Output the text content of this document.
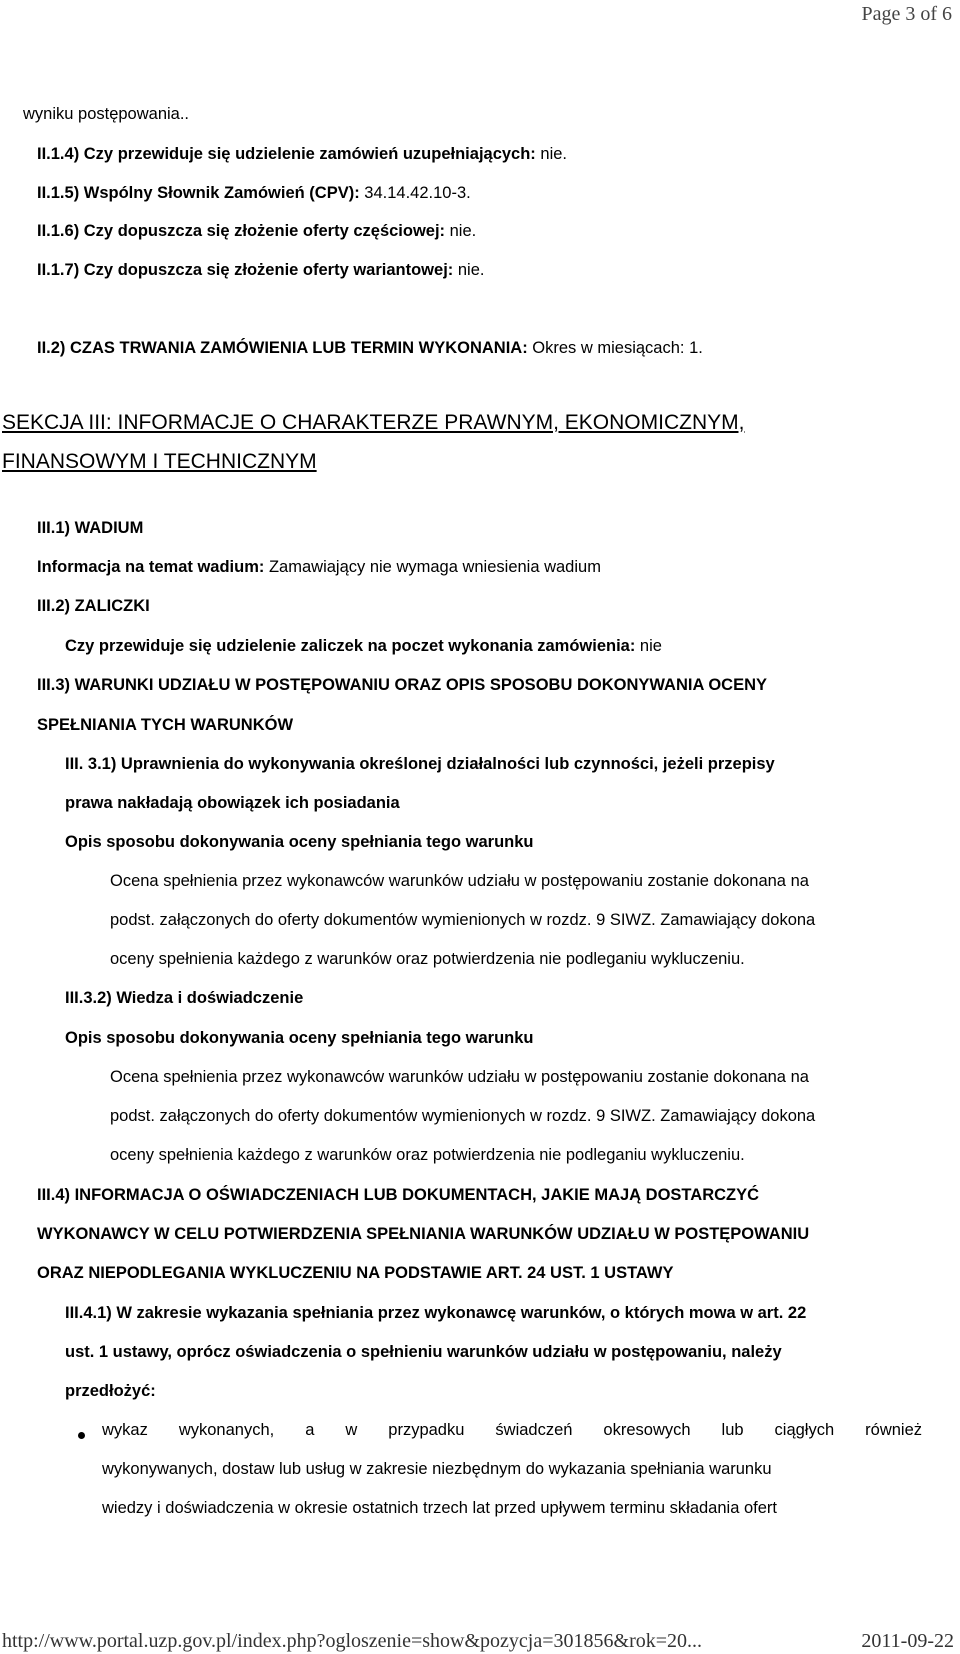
Page 3 of 6
wyniku postępowania..
II.1.4) Czy przewiduje się udzielenie zamówień uzupełniających: nie.
II.1.5) Wspólny Słownik Zamówień (CPV): 34.14.42.10-3.
II.1.6) Czy dopuszcza się złożenie oferty częściowej: nie.
II.1.7) Czy dopuszcza się złożenie oferty wariantowej: nie.
II.2) CZAS TRWANIA ZAMÓWIENIA LUB TERMIN WYKONANIA: Okres w miesiącach: 1.
SEKCJA III: INFORMACJE O CHARAKTERZE PRAWNYM, EKONOMICZNYM,
FINANSOWYM I TECHNICZNYM
III.1) WADIUM
Informacja na temat wadium: Zamawiający nie wymaga wniesienia wadium
III.2) ZALICZKI
Czy przewiduje się udzielenie zaliczek na poczet wykonania zamówienia: nie
III.3) WARUNKI UDZIAŁU W POSTĘPOWANIU ORAZ OPIS SPOSOBU DOKONYWANIA OCENY
SPEŁNIANIA TYCH WARUNKÓW
III. 3.1) Uprawnienia do wykonywania określonej działalności lub czynności, jeżeli przepisy
prawa nakładają obowiązek ich posiadania
Opis sposobu dokonywania oceny spełniania tego warunku
Ocena spełnienia przez wykonawców warunków udziału w postępowaniu zostanie dokonana na
podst. załączonych do oferty dokumentów wymienionych w rozdz. 9 SIWZ. Zamawiający dokona
oceny spełnienia każdego z warunków oraz potwierdzenia nie podleganiu wykluczeniu.
III.3.2) Wiedza i doświadczenie
Opis sposobu dokonywania oceny spełniania tego warunku
Ocena spełnienia przez wykonawców warunków udziału w postępowaniu zostanie dokonana na
podst. załączonych do oferty dokumentów wymienionych w rozdz. 9 SIWZ. Zamawiający dokona
oceny spełnienia każdego z warunków oraz potwierdzenia nie podleganiu wykluczeniu.
III.4) INFORMACJA O OŚWIADCZENIACH LUB DOKUMENTACH, JAKIE MAJĄ DOSTARCZYĆ
WYKONAWCY W CELU POTWIERDZENIA SPEŁNIANIA WARUNKÓW UDZIAŁU W POSTĘPOWANIU
ORAZ NIEPODLEGANIA WYKLUCZENIU NA PODSTAWIE ART. 24 UST. 1 USTAWY
III.4.1) W zakresie wykazania spełniania przez wykonawcę warunków, o których mowa w art. 22
ust. 1 ustawy, oprócz oświadczenia o spełnieniu warunków udziału w postępowaniu, należy
przedłożyć:
wykaz wykonanych, a w przypadku świadczeń okresowych lub ciągłych również
wykonywanych, dostaw lub usług w zakresie niezbędnym do wykazania spełniania warunku
wiedzy i doświadczenia w okresie ostatnich trzech lat przed upływem terminu składania ofert
http://www.portal.uzp.gov.pl/index.php?ogloszenie=show&pozycja=301856&rok=20...	2011-09-22
